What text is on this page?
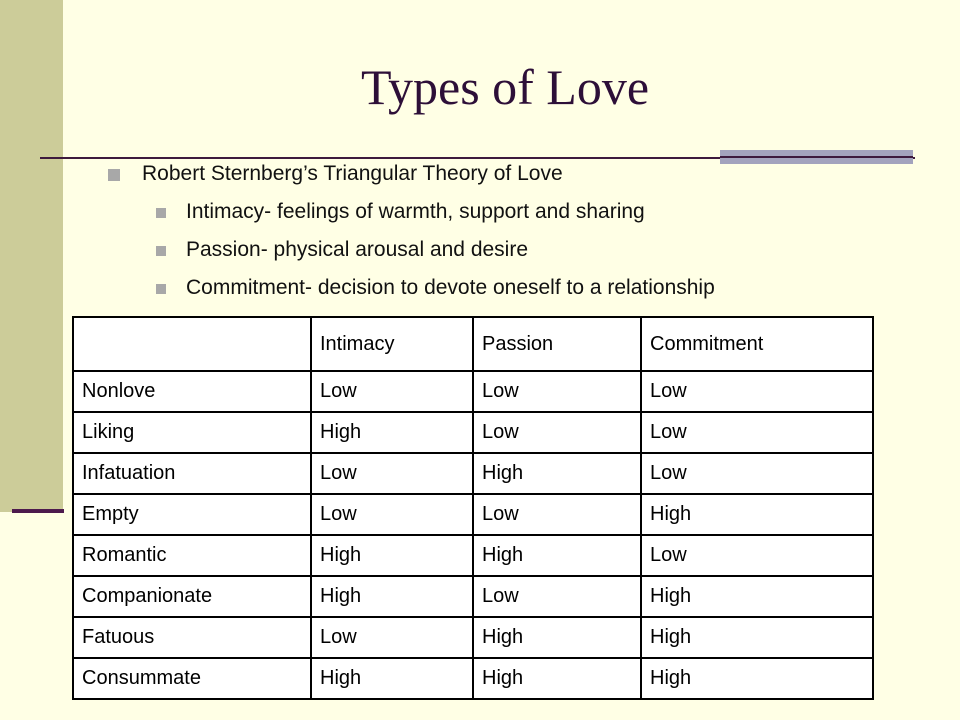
Types of Love
Robert Sternberg’s Triangular Theory of Love
Intimacy- feelings of warmth, support and sharing
Passion- physical arousal and desire
Commitment- decision to devote oneself to a relationship
	Intimacy	Passion	Commitment
Nonlove	Low	Low	Low
Liking	High	Low	Low
Infatuation	Low	High	Low
Empty	Low	Low	High
Romantic	High	High	Low
Companionate	High	Low	High
Fatuous	Low	High	High
Consummate	High	High	High
